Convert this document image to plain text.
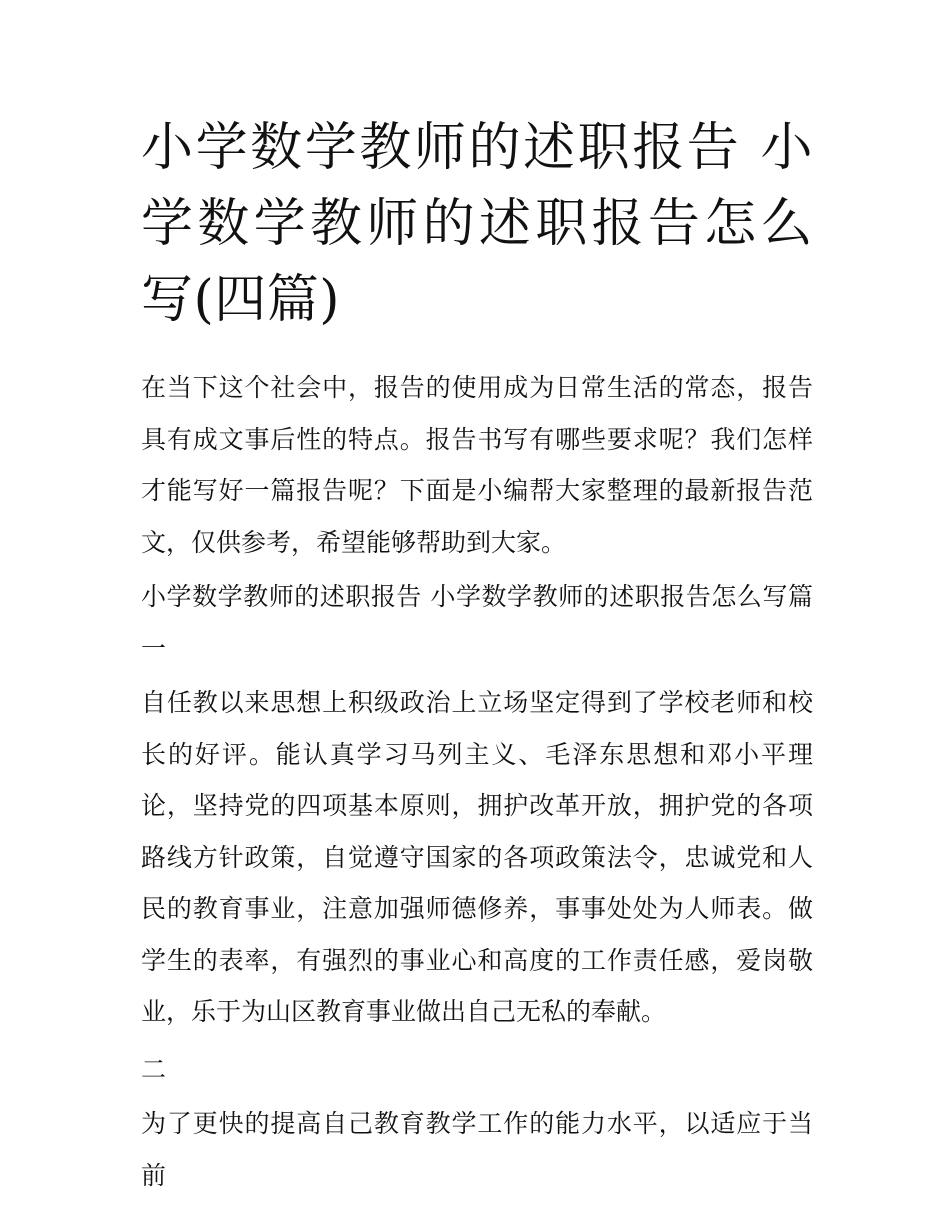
小学数学教师的述职报告 小学数学教师的述职报告怎么写(四篇)

在当下这个社会中，报告的使用成为日常生活的常态，报告具有成文事后性的特点。报告书写有哪些要求呢？我们怎样才能写好一篇报告呢？下面是小编帮大家整理的最新报告范文，仅供参考，希望能够帮助到大家。

小学数学教师的述职报告 小学数学教师的述职报告怎么写篇一

自任教以来思想上积级政治上立场坚定得到了学校老师和校长的好评。能认真学习马列主义、毛泽东思想和邓小平理论，坚持党的四项基本原则，拥护改革开放，拥护党的各项路线方针政策，自觉遵守国家的各项政策法令，忠诚党和人民的教育事业，注意加强师德修养，事事处处为人师表。做学生的表率，有强烈的事业心和高度的工作责任感，爱岗敬业，乐于为山区教育事业做出自己无私的奉献。

二

为了更快的提高自己教育教学工作的能力水平，以适应于当前
